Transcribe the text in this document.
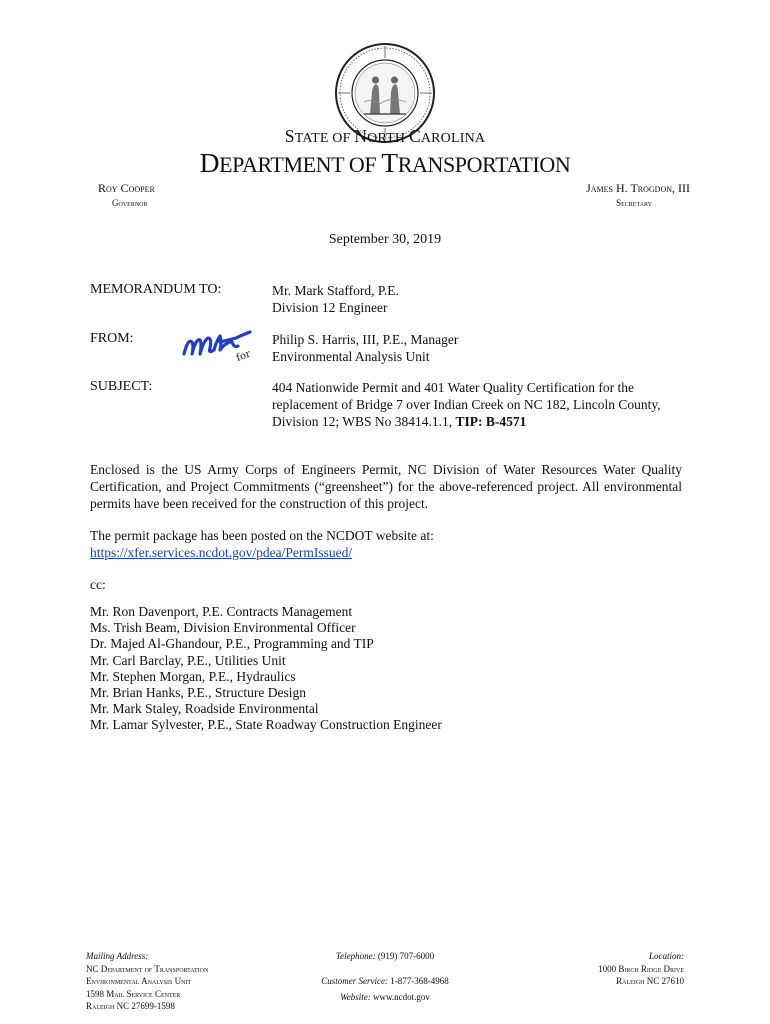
STATE OF NORTH CAROLINA
DEPARTMENT OF TRANSPORTATION
Roy Cooper
Governor
James H. Trogdon, III
Secretary
September 30, 2019
MEMORANDUM TO:	Mr. Mark Stafford, P.E.
Division 12 Engineer
FROM:
for
Philip S. Harris, III, P.E., Manager
Environmental Analysis Unit
SUBJECT:	404 Nationwide Permit and 401 Water Quality Certification for the
replacement of Bridge 7 over Indian Creek on NC 182, Lincoln County,
Division 12; WBS No 38414.1.1, TIP: B-4571
Enclosed is the US Army Corps of Engineers Permit, NC Division of Water Resources Water Quality Certification, and Project Commitments (“greensheet”) for the above-referenced project. All environmental permits have been received for the construction of this project.
The permit package has been posted on the NCDOT website at:
https://xfer.services.ncdot.gov/pdea/PermIssued/
cc:
Mr. Ron Davenport, P.E. Contracts Management
Ms. Trish Beam, Division Environmental Officer
Dr. Majed Al-Ghandour, P.E., Programming and TIP
Mr. Carl Barclay, P.E., Utilities Unit
Mr. Stephen Morgan, P.E., Hydraulics
Mr. Brian Hanks, P.E., Structure Design
Mr. Mark Staley, Roadside Environmental
Mr. Lamar Sylvester, P.E., State Roadway Construction Engineer
Mailing Address:
NC Department of Transportation
Environmental Analysis Unit
1598 Mail Service Center
Raleigh NC 27699-1598
Telephone: (919) 707-6000
Customer Service: 1-877-368-4968
Website: www.ncdot.gov
Location:
1000 Birch Ridge Drive
Raleigh NC 27610
